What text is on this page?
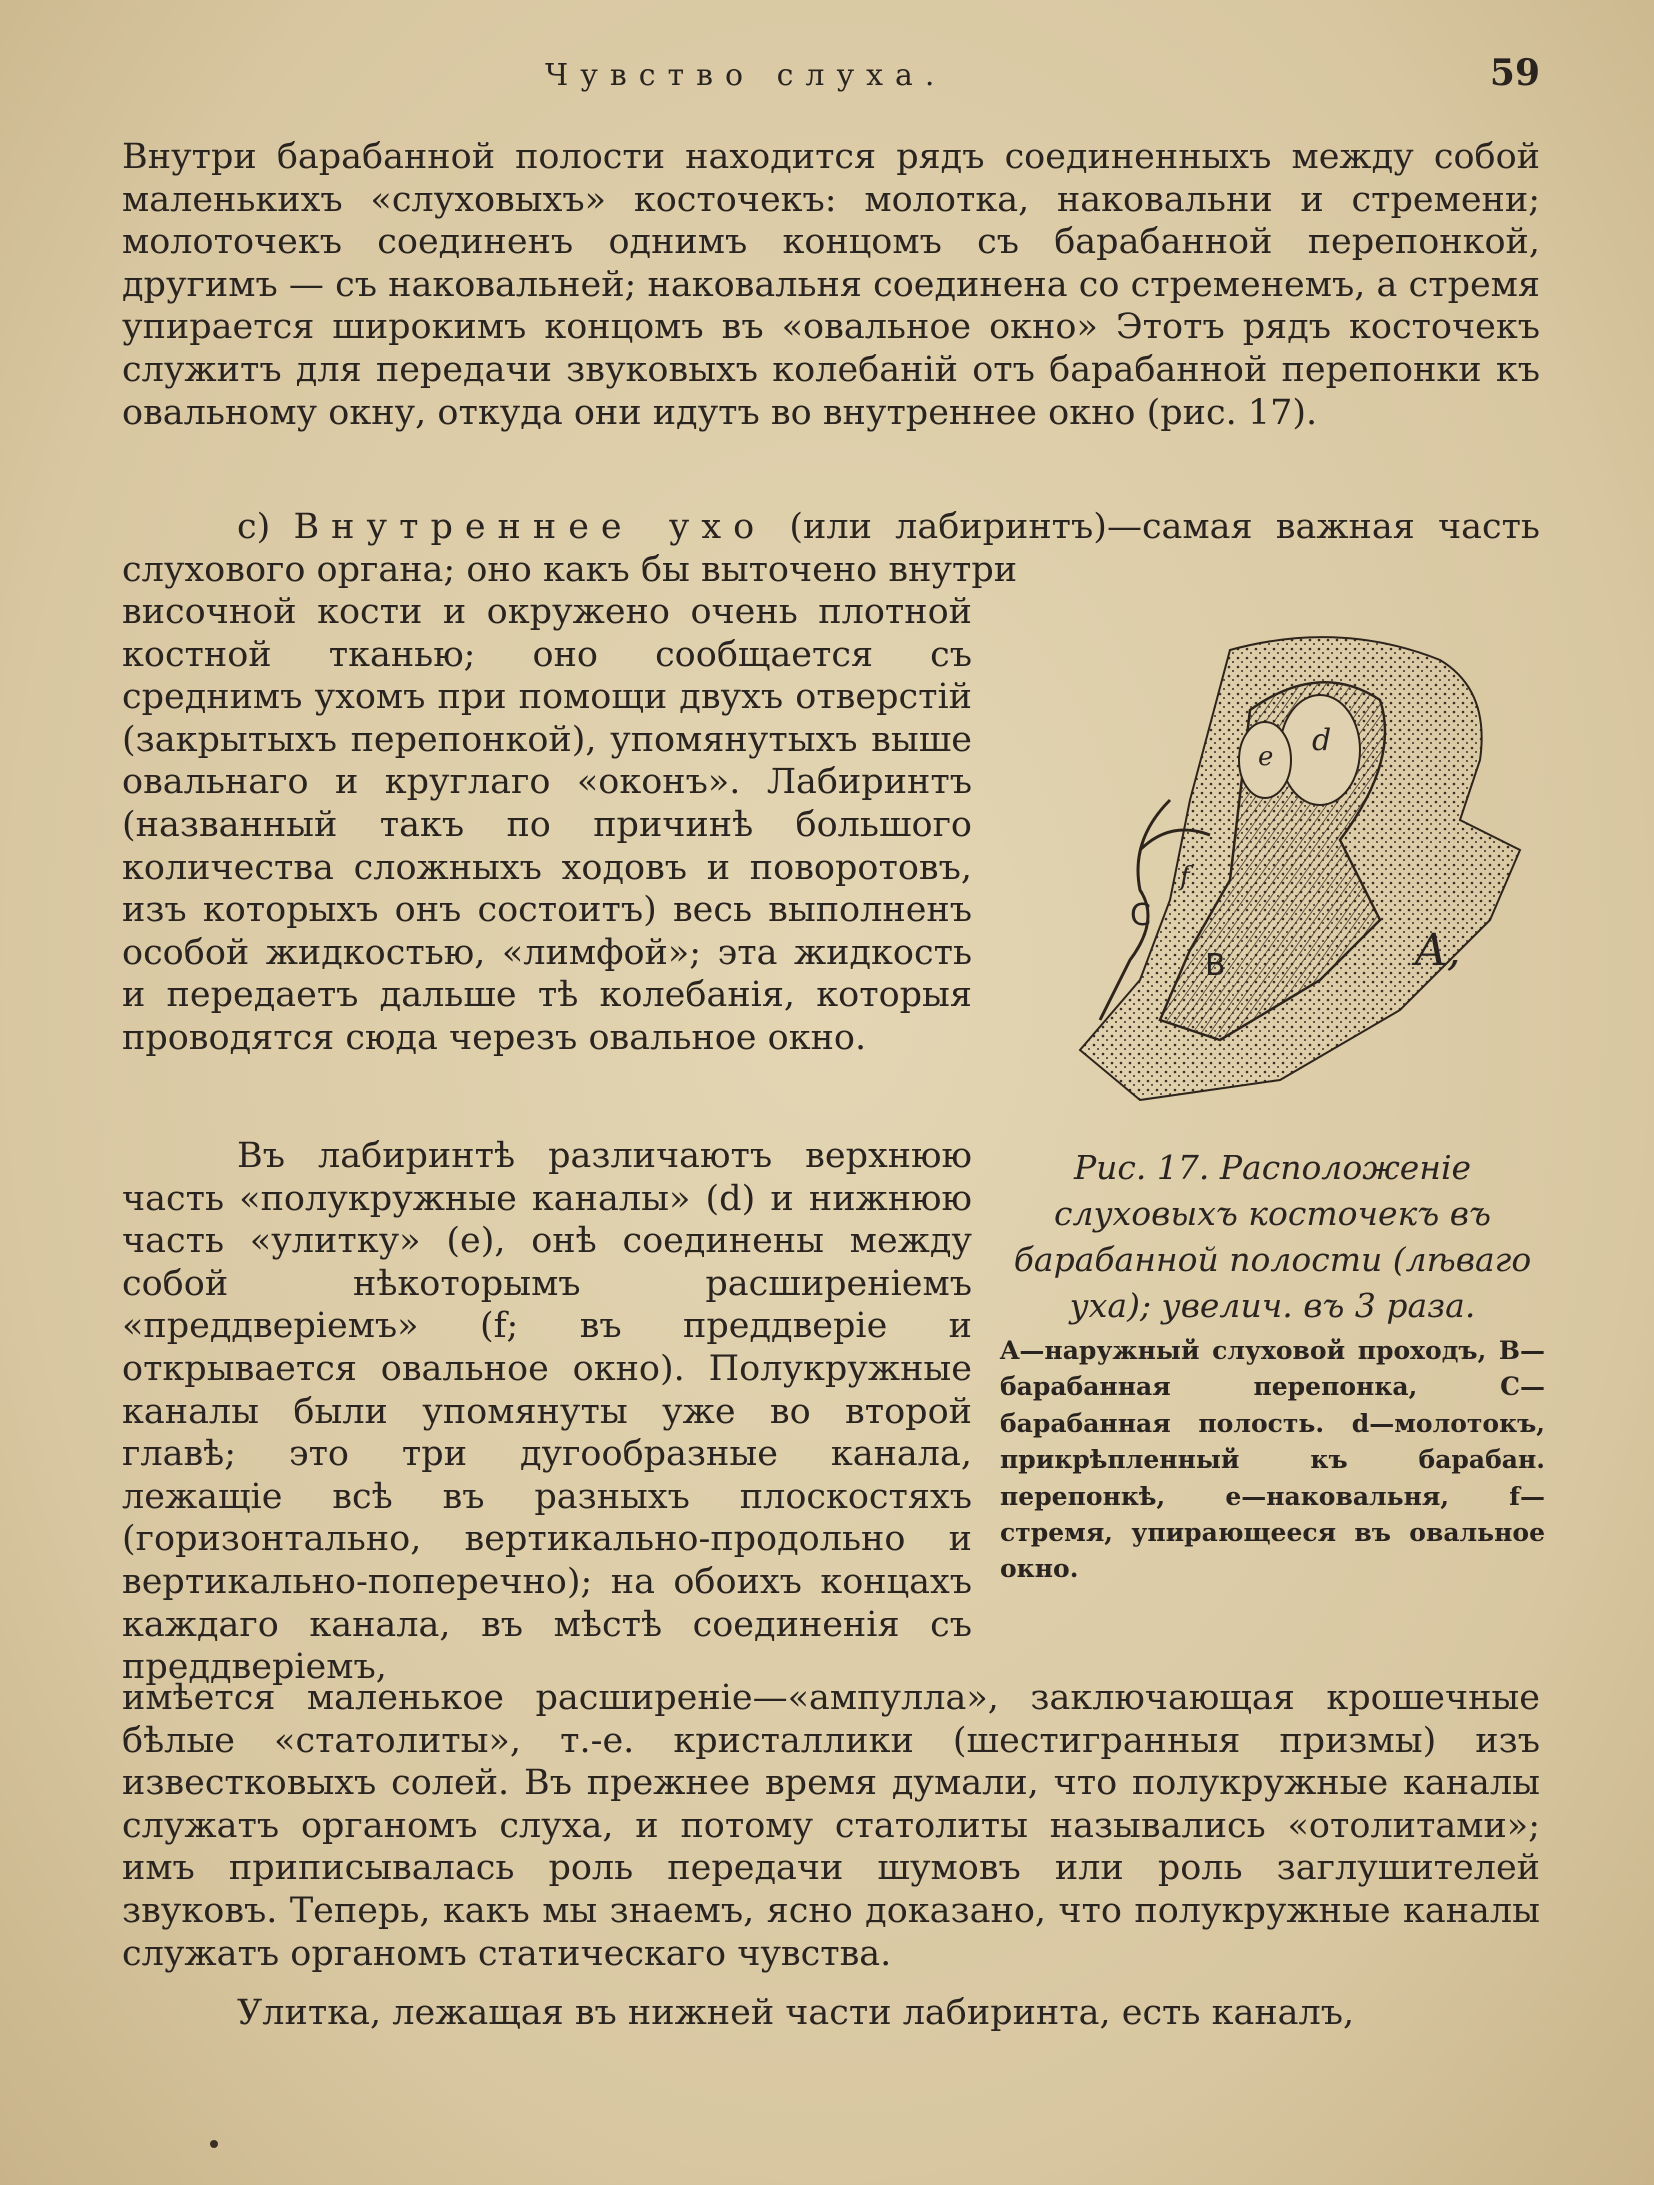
Чувство слуха.	59
Внутри барабанной полости находится рядъ соединенныхъ между собой маленькихъ «слуховыхъ» косточекъ: молотка, наковальни и стремени; молоточекъ соединенъ однимъ концомъ съ барабанной перепонкой, другимъ — съ наковальней; наковальня соединена со стременемъ, а стремя упирается широкимъ концомъ въ «овальное окно» Этотъ рядъ косточекъ служитъ для передачи звуковыхъ колебаній отъ барабанной перепонки къ овальному окну, откуда они идутъ во внутреннее окно (рис. 17).
c) Внутреннее ухо (или лабиринтъ)—самая важная часть слухового органа; оно какъ бы выточено внутри
височной кости и окружено очень плотной костной тканью; оно сообщается съ среднимъ ухомъ при помощи двухъ отверстій (закрытыхъ перепонкой), упомянутыхъ выше овальнаго и круглаго «оконъ». Лабиринтъ (названный такъ по причинѣ большого количества сложныхъ ходовъ и поворотовъ, изъ которыхъ онъ состоитъ) весь выполненъ особой жидкостью, «лимфой»; эта жидкость и передаетъ дальше тѣ колебанія, которыя проводятся сюда черезъ овальное окно.
Въ лабиринтѣ различаютъ верхнюю часть «полукружные каналы» (d) и нижнюю часть «улитку» (e), онѣ соединены между собой нѣкоторымъ расширеніемъ «преддверіемъ» (f; въ преддверіе и открывается овальное окно). Полукружные каналы были упомянуты уже во второй главѣ; это три дугообразные канала, лежащіе всѣ въ разныхъ плоскостяхъ (горизонтально, вертикально-продольно и вертикально-поперечно); на обоихъ концахъ каждаго канала, въ мѣстѣ соединенія съ преддверіемъ,
имѣется маленькое расширеніе—«ампулла», заключающая крошечные бѣлые «статолиты», т.-е. кристаллики (шестигранныя призмы) изъ известковыхъ солей. Въ прежнее время думали, что полукружные каналы служатъ органомъ слуха, и потому статолиты назывались «отолитами»; имъ приписывалась роль передачи шумовъ или роль заглушителей звуковъ. Теперь, какъ мы знаемъ, ясно доказано, что полукружные каналы служатъ органомъ статическаго чувства.
Улитка, лежащая въ нижней части лабиринта, есть каналъ,
d
e
f
C
B	A,
Рис. 17. Расположеніе слуховыхъ косточекъ въ барабанной полости (лѣваго уха); увелич. въ 3 раза.
A—наружный слуховой проходъ, B—барабанная перепонка, C—барабанная полость. d—молотокъ, прикрѣпленный къ барабан. перепонкѣ, e—наковальня, f—стремя, упирающееся въ овальное окно.
